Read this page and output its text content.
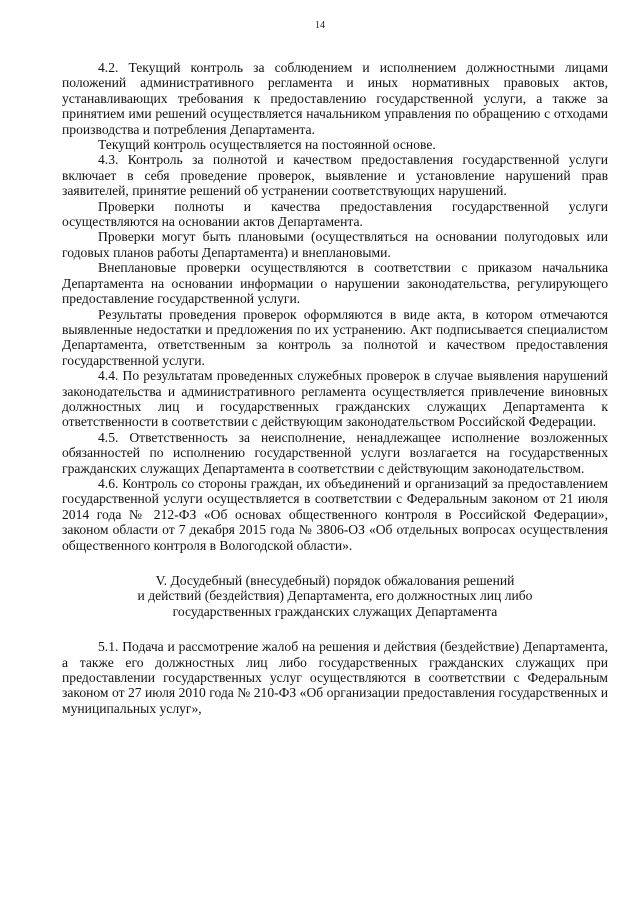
14

4.2. Текущий контроль за соблюдением и исполнением должностными лицами положений административного регламента и иных нормативных правовых актов, устанавливающих требования к предоставлению государственной услуги, а также за принятием ими решений осуществляется начальником управления по обращению с отходами производства и потребления Департамента.

Текущий контроль осуществляется на постоянной основе.

4.3. Контроль за полнотой и качеством предоставления государственной услуги включает в себя проведение проверок, выявление и установление нарушений прав заявителей, принятие решений об устранении соответствующих нарушений.

Проверки полноты и качества предоставления государственной услуги осуществляются на основании актов Департамента.

Проверки могут быть плановыми (осуществляться на основании полугодовых или годовых планов работы Департамента) и внеплановыми.

Внеплановые проверки осуществляются в соответствии с приказом начальника Департамента на основании информации о нарушении законодательства, регулирующего предоставление государственной услуги.

Результаты проведения проверок оформляются в виде акта, в котором отмечаются выявленные недостатки и предложения по их устранению. Акт подписывается специалистом Департамента, ответственным за контроль за полнотой и качеством предоставления государственной услуги.

4.4. По результатам проведенных служебных проверок в случае выявления нарушений законодательства и административного регламента осуществляется привлечение виновных должностных лиц и государственных гражданских служащих Департамента к ответственности в соответствии с действующим законодательством Российской Федерации.

4.5. Ответственность за неисполнение, ненадлежащее исполнение возложенных обязанностей по исполнению государственной услуги возлагается на государственных гражданских служащих Департамента в соответствии с действующим законодательством.

4.6. Контроль со стороны граждан, их объединений и организаций за предоставлением государственной услуги осуществляется в соответствии с Федеральным законом от 21 июля 2014 года № 212-ФЗ «Об основах общественного контроля в Российской Федерации», законом области от 7 декабря 2015 года № 3806-ОЗ «Об отдельных вопросах осуществления общественного контроля в Вологодской области».

V. Досудебный (внесудебный) порядок обжалования решений
и действий (бездействия) Департамента, его должностных лиц либо
государственных гражданских служащих Департамента

5.1. Подача и рассмотрение жалоб на решения и действия (бездействие) Департамента, а также его должностных лиц либо государственных гражданских служащих при предоставлении государственных услуг осуществляются в соответствии с Федеральным законом от 27 июля 2010 года № 210-ФЗ «Об организации предоставления государственных и муниципальных услуг»,
